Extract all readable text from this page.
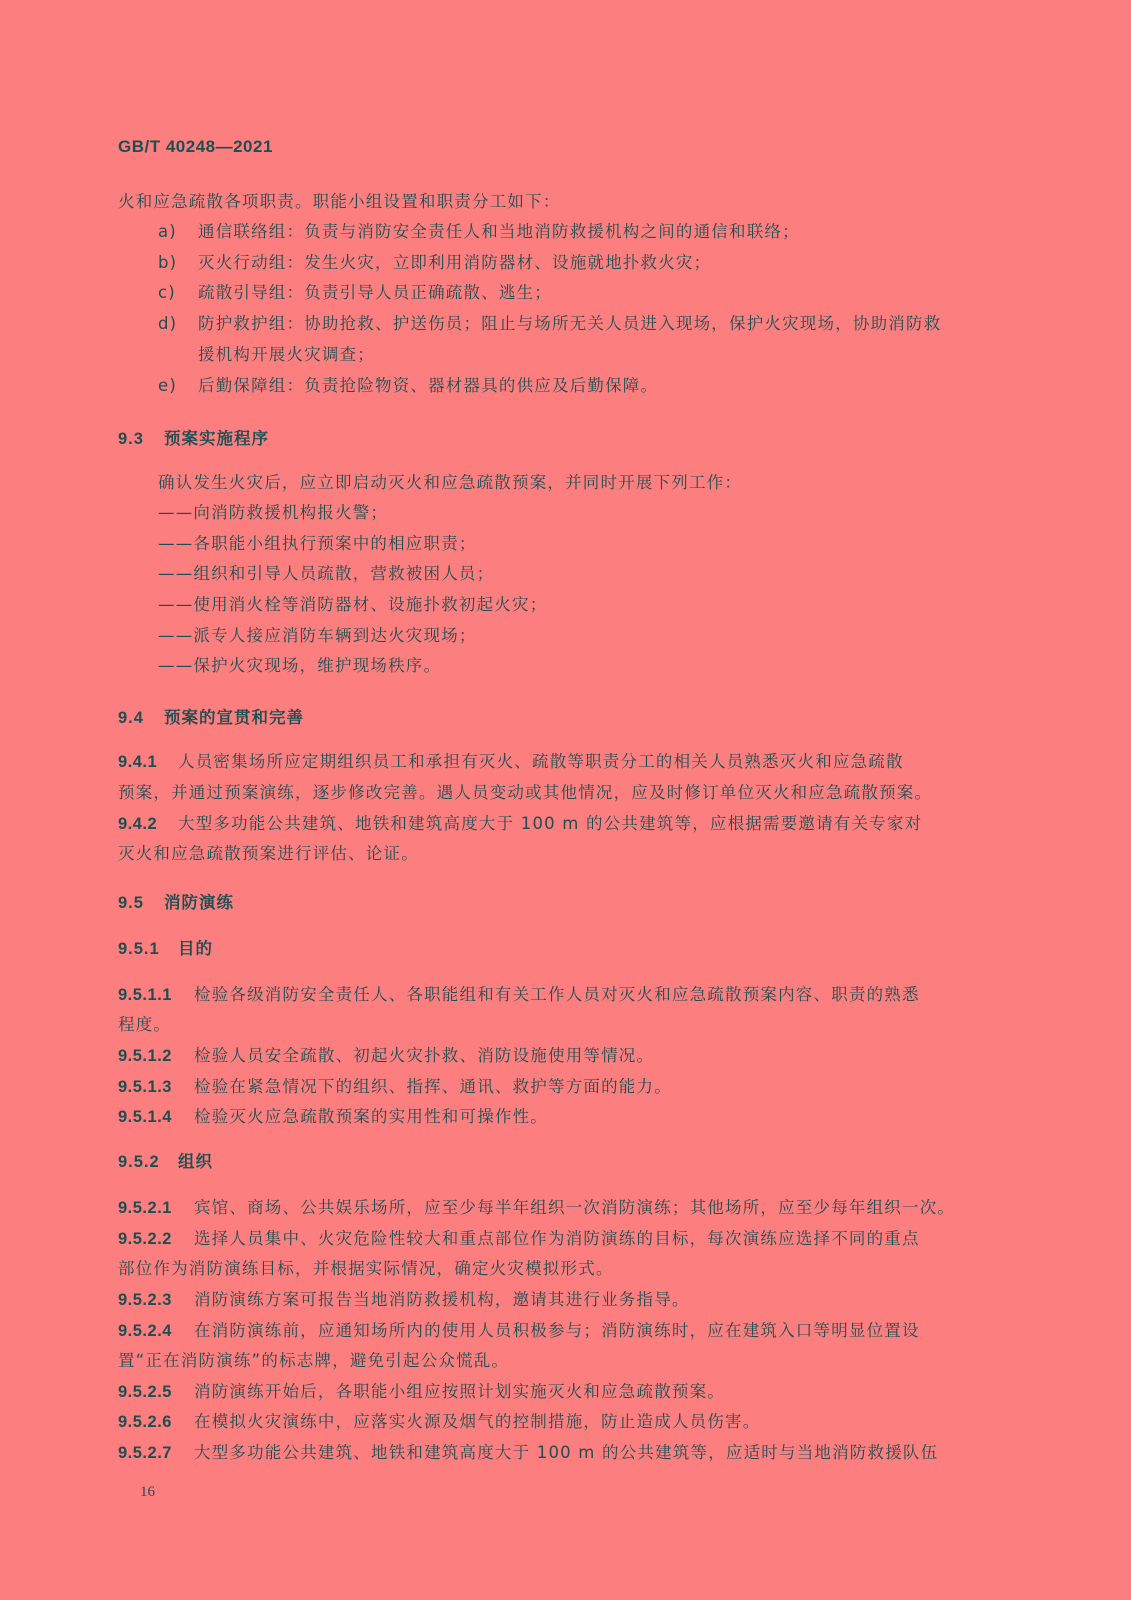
GB/T 40248—2021
火和应急疏散各项职责。职能小组设置和职责分工如下：
a) 通信联络组：负责与消防安全责任人和当地消防救援机构之间的通信和联络；
b) 灭火行动组：发生火灾，立即利用消防器材、设施就地扑救火灾；
c) 疏散引导组：负责引导人员正确疏散、逃生；
d) 防护救护组：协助抢救、护送伤员；阻止与场所无关人员进入现场，保护火灾现场，协助消防救
援机构开展火灾调查；
e) 后勤保障组：负责抢险物资、器材器具的供应及后勤保障。
9.3 预案实施程序
确认发生火灾后，应立即启动灭火和应急疏散预案，并同时开展下列工作：
——向消防救援机构报火警；
——各职能小组执行预案中的相应职责；
——组织和引导人员疏散，营救被困人员；
——使用消火栓等消防器材、设施扑救初起火灾；
——派专人接应消防车辆到达火灾现场；
——保护火灾现场，维护现场秩序。
9.4 预案的宣贯和完善
9.4.1 人员密集场所应定期组织员工和承担有灭火、疏散等职责分工的相关人员熟悉灭火和应急疏散
预案，并通过预案演练，逐步修改完善。遇人员变动或其他情况，应及时修订单位灭火和应急疏散预案。
9.4.2 大型多功能公共建筑、地铁和建筑高度大于 100 m 的公共建筑等，应根据需要邀请有关专家对
灭火和应急疏散预案进行评估、论证。
9.5 消防演练
9.5.1 目的
9.5.1.1 检验各级消防安全责任人、各职能组和有关工作人员对灭火和应急疏散预案内容、职责的熟悉
程度。
9.5.1.2 检验人员安全疏散、初起火灾扑救、消防设施使用等情况。
9.5.1.3 检验在紧急情况下的组织、指挥、通讯、救护等方面的能力。
9.5.1.4 检验灭火应急疏散预案的实用性和可操作性。
9.5.2 组织
9.5.2.1 宾馆、商场、公共娱乐场所，应至少每半年组织一次消防演练；其他场所，应至少每年组织一次。
9.5.2.2 选择人员集中、火灾危险性较大和重点部位作为消防演练的目标，每次演练应选择不同的重点
部位作为消防演练目标，并根据实际情况，确定火灾模拟形式。
9.5.2.3 消防演练方案可报告当地消防救援机构，邀请其进行业务指导。
9.5.2.4 在消防演练前，应通知场所内的使用人员积极参与；消防演练时，应在建筑入口等明显位置设
置“正在消防演练”的标志牌，避免引起公众慌乱。
9.5.2.5 消防演练开始后，各职能小组应按照计划实施灭火和应急疏散预案。
9.5.2.6 在模拟火灾演练中，应落实火源及烟气的控制措施，防止造成人员伤害。
9.5.2.7 大型多功能公共建筑、地铁和建筑高度大于 100 m 的公共建筑等，应适时与当地消防救援队伍
16
